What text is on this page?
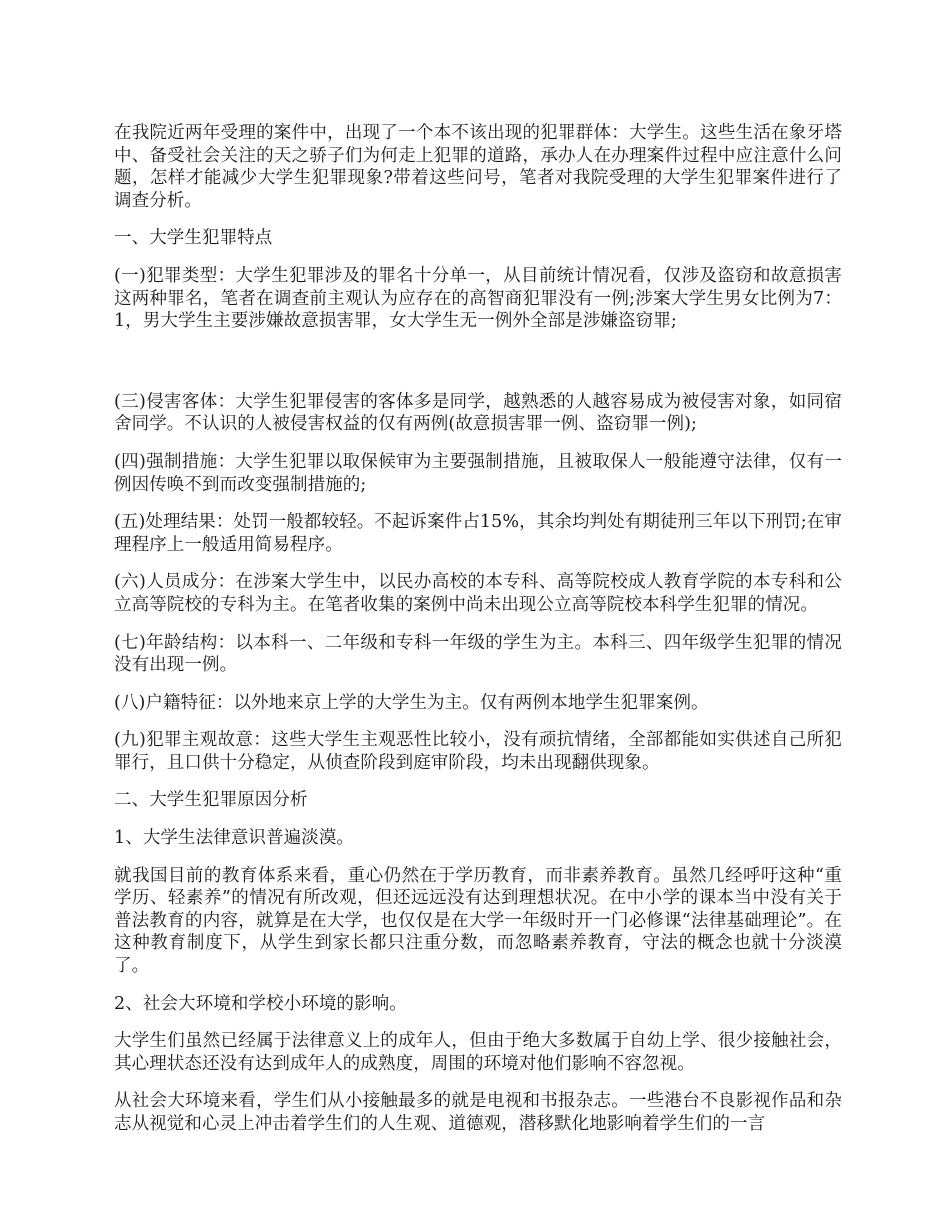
在我院近两年受理的案件中，出现了一个本不该出现的犯罪群体：大学生。这些生活在象牙塔中、备受社会关注的天之骄子们为何走上犯罪的道路，承办人在办理案件过程中应注意什么问题，怎样才能减少大学生犯罪现象?带着这些问号，笔者对我院受理的大学生犯罪案件进行了调查分析。

一、大学生犯罪特点

(一)犯罪类型：大学生犯罪涉及的罪名十分单一，从目前统计情况看，仅涉及盗窃和故意损害这两种罪名，笔者在调查前主观认为应存在的高智商犯罪没有一例;涉案大学生男女比例为7：1，男大学生主要涉嫌故意损害罪，女大学生无一例外全部是涉嫌盗窃罪;

(三)侵害客体：大学生犯罪侵害的客体多是同学，越熟悉的人越容易成为被侵害对象，如同宿舍同学。不认识的人被侵害权益的仅有两例(故意损害罪一例、盗窃罪一例);

(四)强制措施：大学生犯罪以取保候审为主要强制措施，且被取保人一般能遵守法律，仅有一例因传唤不到而改变强制措施的;

(五)处理结果：处罚一般都较轻。不起诉案件占15%，其余均判处有期徒刑三年以下刑罚;在审理程序上一般适用简易程序。

(六)人员成分：在涉案大学生中，以民办高校的本专科、高等院校成人教育学院的本专科和公立高等院校的专科为主。在笔者收集的案例中尚未出现公立高等院校本科学生犯罪的情况。

(七)年龄结构：以本科一、二年级和专科一年级的学生为主。本科三、四年级学生犯罪的情况没有出现一例。

(八)户籍特征：以外地来京上学的大学生为主。仅有两例本地学生犯罪案例。

(九)犯罪主观故意：这些大学生主观恶性比较小，没有顽抗情绪，全部都能如实供述自己所犯罪行，且口供十分稳定，从侦查阶段到庭审阶段，均未出现翻供现象。

二、大学生犯罪原因分析

1、大学生法律意识普遍淡漠。

就我国目前的教育体系来看，重心仍然在于学历教育，而非素养教育。虽然几经呼吁这种“重学历、轻素养”的情况有所改观，但还远远没有达到理想状况。在中小学的课本当中没有关于普法教育的内容，就算是在大学，也仅仅是在大学一年级时开一门必修课“法律基础理论”。在这种教育制度下，从学生到家长都只注重分数，而忽略素养教育，守法的概念也就十分淡漠了。

2、社会大环境和学校小环境的影响。

大学生们虽然已经属于法律意义上的成年人，但由于绝大多数属于自幼上学、很少接触社会，其心理状态还没有达到成年人的成熟度，周围的环境对他们影响不容忽视。

从社会大环境来看，学生们从小接触最多的就是电视和书报杂志。一些港台不良影视作品和杂志从视觉和心灵上冲击着学生们的人生观、道德观，潜移默化地影响着学生们的一言
